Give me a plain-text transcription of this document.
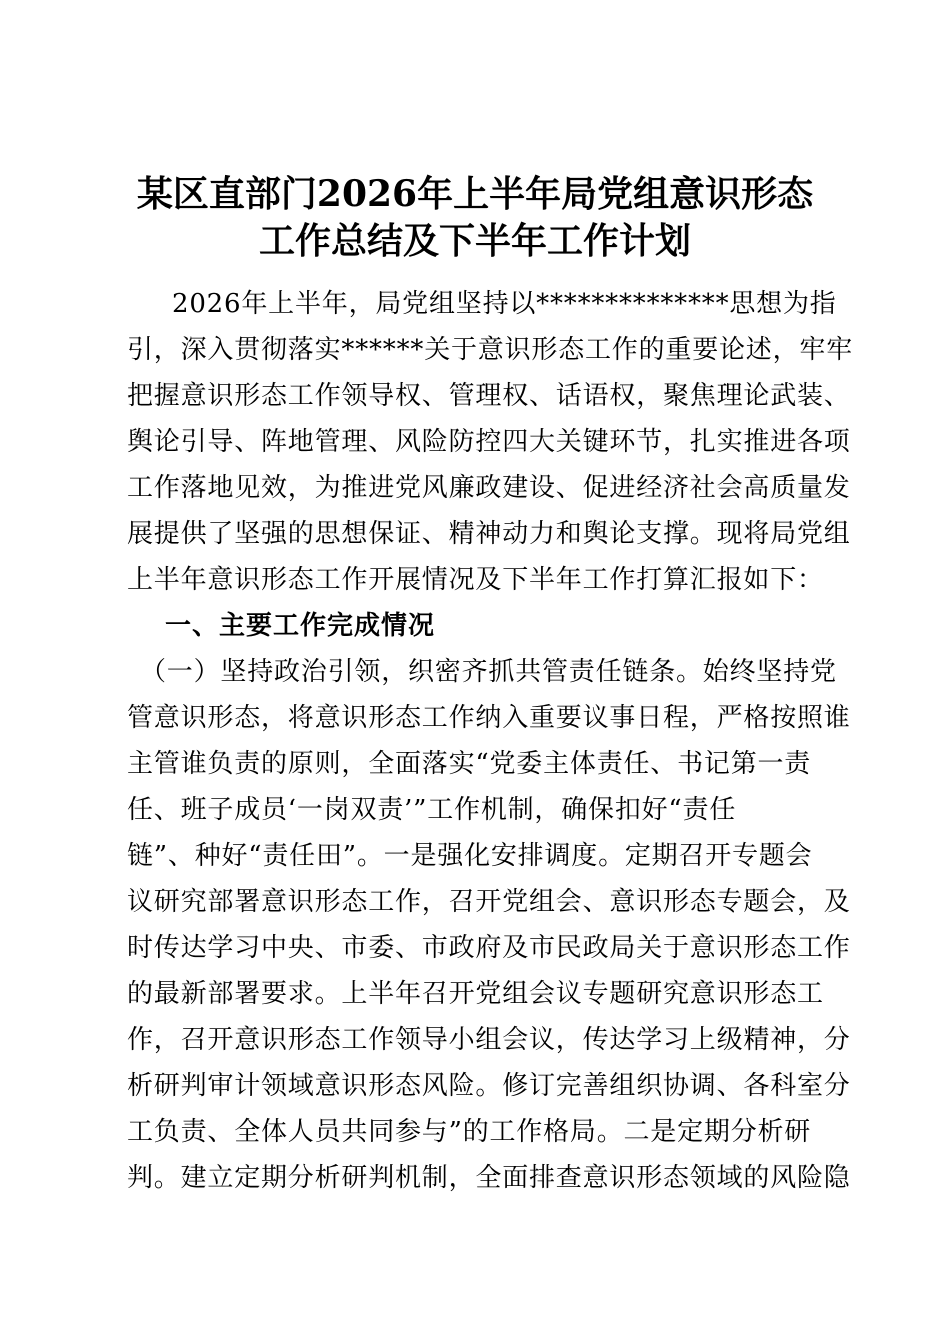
某区直部门2026年上半年局党组意识形态
工作总结及下半年工作计划
2026年上半年，局党组坚持以**************思想为指
引，深入贯彻落实******关于意识形态工作的重要论述，牢牢
把握意识形态工作领导权、管理权、话语权，聚焦理论武装、
舆论引导、阵地管理、风险防控四大关键环节，扎实推进各项
工作落地见效，为推进党风廉政建设、促进经济社会高质量发
展提供了坚强的思想保证、精神动力和舆论支撑。现将局党组
上半年意识形态工作开展情况及下半年工作打算汇报如下：
一、主要工作完成情况
（一）坚持政治引领，织密齐抓共管责任链条。始终坚持党
管意识形态，将意识形态工作纳入重要议事日程，严格按照谁
主管谁负责的原则，全面落实“党委主体责任、书记第一责
任、班子成员‘一岗双责’”工作机制，确保扣好“责任
链”、种好“责任田”。一是强化安排调度。定期召开专题会
议研究部署意识形态工作，召开党组会、意识形态专题会，及
时传达学习中央、市委、市政府及市民政局关于意识形态工作
的最新部署要求。上半年召开党组会议专题研究意识形态工
作，召开意识形态工作领导小组会议，传达学习上级精神，分
析研判审计领域意识形态风险。修订完善组织协调、各科室分
工负责、全体人员共同参与”的工作格局。二是定期分析研
判。建立定期分析研判机制，全面排查意识形态领域的风险隐
